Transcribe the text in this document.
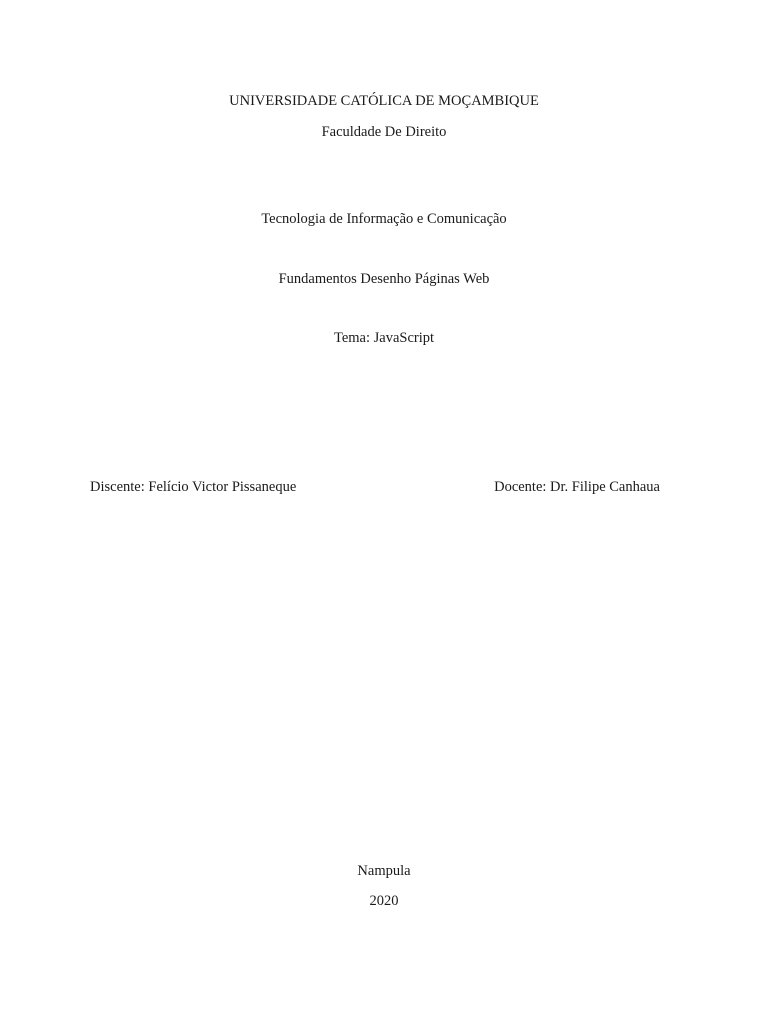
UNIVERSIDADE CATÓLICA DE MOÇAMBIQUE
Faculdade De Direito
Tecnologia de Informação e Comunicação
Fundamentos Desenho Páginas Web
Tema: JavaScript
Discente: Felício Victor Pissaneque	Docente: Dr. Filipe Canhaua
Nampula
2020
